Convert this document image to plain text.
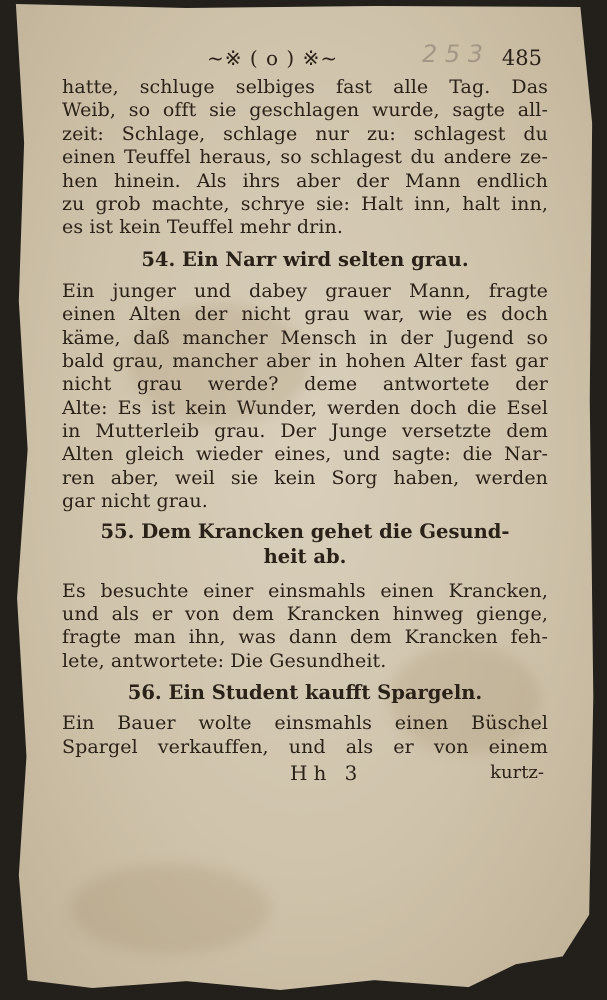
~※ ( o ) ※~	2 5 3 485
hatte, schluge selbiges fast alle Tag. Das
Weib, so offt sie geschlagen wurde, sagte all-
zeit: Schlage, schlage nur zu: schlagest du
einen Teuffel heraus, so schlagest du andere ze-
hen hinein. Als ihrs aber der Mann endlich
zu grob machte, schrye sie: Halt inn, halt inn,
es ist kein Teuffel mehr drin.
54. Ein Narr wird selten grau.
Ein junger und dabey grauer Mann, fragte
einen Alten der nicht grau war, wie es doch
käme, daß mancher Mensch in der Jugend so
bald grau, mancher aber in hohen Alter fast gar
nicht grau werde? deme antwortete der
Alte: Es ist kein Wunder, werden doch die Esel
in Mutterleib grau. Der Junge versetzte dem
Alten gleich wieder eines, und sagte: die Nar-
ren aber, weil sie kein Sorg haben, werden
gar nicht grau.
55. Dem Krancken gehet die Gesund-
heit ab.
Es besuchte einer einsmahls einen Krancken,
und als er von dem Krancken hinweg gienge,
fragte man ihn, was dann dem Krancken feh-
lete, antwortete: Die Gesundheit.
56. Ein Student kaufft Spargeln.
Ein Bauer wolte einsmahls einen Büschel
Spargel verkauffen, und als er von einem
Hh 3	kurtz-
